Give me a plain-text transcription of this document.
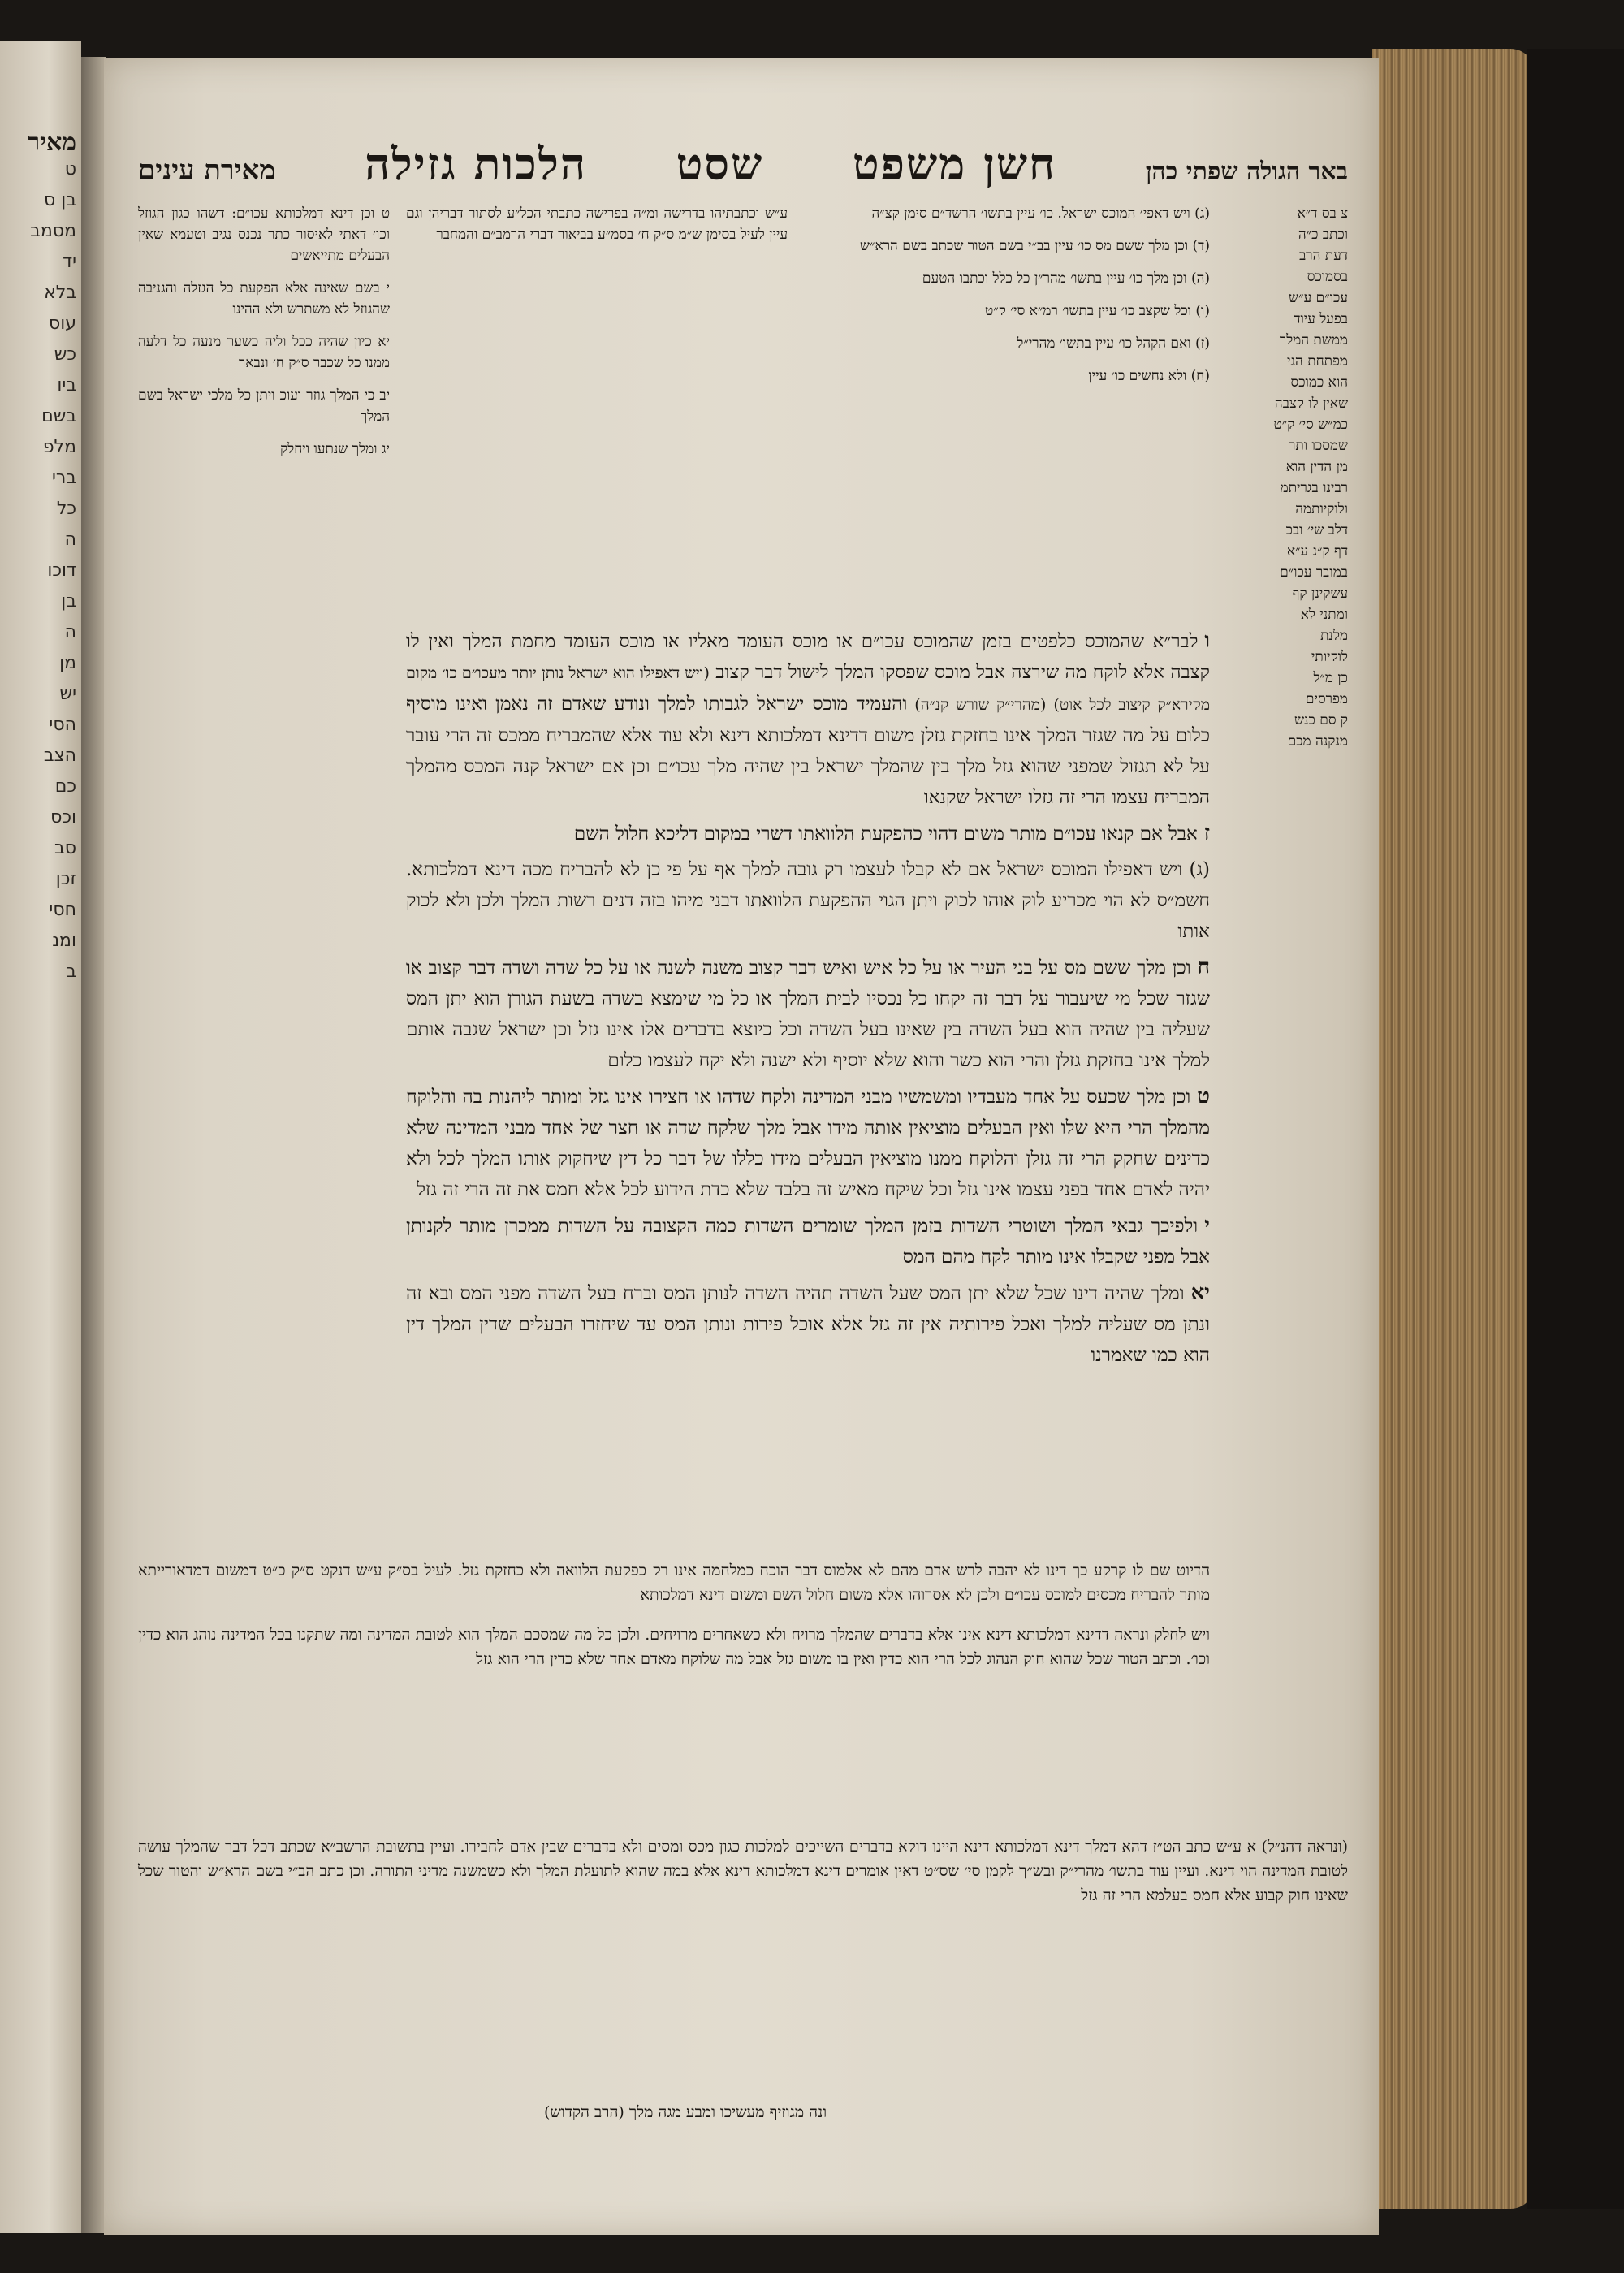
מאיר
ט
בן ס
מסמב
יד
בלא
עוס
כש
ביו
בשם
מלפ
ברי
כל
ה
דוכו
בן
ה
מן
יש
הסי
הצב
כם
וכס
סב
זכן
חסי
ומנ
ב
באר הגולה שפתי כהן
חשן משפט
שסט
הלכות גזילה
מאירת עינים
צ בס ד״א
וכתב כ״ה
דעת הרב
בסמוכס
עכו״ם ע״ש
בפעל עיוד
ממשת המלך
מפתחת הגי
הוא כמוכס
שאין לו קצבה
כמ״ש סי׳ ק״ט
שמסכו ותר
מן הדין הוא
רבינו בגריתמ
ולוקיותמה
דלב שי׳ ובכ
דף ק״נ ע״א
במובר עכו״ם
עשקינן קף
ומתני לא
מלנת
לוקיותי
כן מ״ל
מפרסים
ק סם כנש
מנקנה מכם
(ג) ויש דאפי׳ המוכס ישראל. כו׳ עיין בתשו׳ הרשד״ם סימן קצ״ה
(ד) וכן מלך ששם מס כו׳ עיין בב״י בשם הטור שכתב בשם הרא״ש
(ה) וכן מלך כו׳ עיין בתשו׳ מהר״ן כל כלל וכתבו הטעם
(ו) וכל שקצב כו׳ עיין בתשו׳ רמ״א סי׳ ק״ט
(ז) ואם הקהל כו׳ עיין בתשו׳ מהרי״ל
(ח) ולא נחשים כו׳ עיין
ע״ש וכתבתיהו בדרישה ומ״ה בפרישה כתבתי הכל״ע לסתור דבריהן וגם עיין לעיל בסימן ש״מ ס״ק ח׳ בסמ״ע בביאור דברי הרמב״ם והמחבר
ט וכן דינא דמלכותא עכו״ם: דשהו כגון הגוזל וכו׳ דאתי לאיסור כתר נכנס נגיב וטעמא שאין הבעלים מתייאשים
י בשם שאינה אלא הפקעת כל הגזלה והגניבה שהגוזל לא משתרש ולא ההינו
יא כיון שהיה ככל וליה כשער מנעה כל דלעה ממנו כל שכבר ס״ק ח׳ ונבאר
יב כי המלך גוזר ועוכ ויתן כל מלכי ישראל בשם המלך
יג ומלך שנתעו ויחלק

ולבר״א שהמוכס כלפטים בזמן שהמוכס עכו״ם או מוכס העומד מאליו או מוכס העומד מחמת המלך ואין לו קצבה אלא לוקח מה שירצה אבל מוכס שפסקו המלך לישול דבר קצוב (ויש דאפילו הוא ישראל נותן יותר מעכו״ם כו׳ מקום מקירא״ק קיצוב לכל אוט) (מהרי״ק שורש קנ״ה) והעמיד מוכס ישראל לגבותו למלך ונודע שאדם זה נאמן ואינו מוסיף כלום על מה שגזר המלך אינו בחזקת גזלן משום דדינא דמלכותא דינא ולא עוד אלא שהמבריח ממכס זה הרי עובר על לא תגזול שמפני שהוא גזל מלך בין שהמלך ישראל בין שהיה מלך עכו״ם וכן אם ישראל קנה המכס מהמלך המבריח עצמו הרי זה גזלו ישראל שקנאו

זאבל אם קנאו עכו״ם מותר משום דהוי כהפקעת הלוואתו דשרי במקום דליכא חלול השם

(ג) ויש דאפילו המוכס ישראל אם לא קבלו לעצמו רק גובה למלך אף על פי כן לא להבריח מכה דינא דמלכותא. חשמ״ס לא הוי מכריע לוק אוהו לכוק ויתן הגוי ההפקעת הלוואתו דבני מיהו בזה דנים רשות המלך ולכן ולא לכוק אותו

חוכן מלך ששם מס על בני העיר או על כל איש ואיש דבר קצוב משנה לשנה או על כל שדה ושדה דבר קצוב או שגזר שכל מי שיעבור על דבר זה יקחו כל נכסיו לבית המלך או כל מי שימצא בשדה בשעת הגורן הוא יתן המס שעליה בין שהיה הוא בעל השדה בין שאינו בעל השדה וכל כיוצא בדברים אלו אינו גזל וכן ישראל שגבה אותם למלך אינו בחזקת גזלן והרי הוא כשר והוא שלא יוסיף ולא ישנה ולא יקח לעצמו כלום

טוכן מלך שכעס על אחד מעבדיו ומשמשיו מבני המדינה ולקח שדהו או חצירו אינו גזל ומותר ליהנות בה והלוקח מהמלך הרי היא שלו ואין הבעלים מוציאין אותה מידו אבל מלך שלקח שדה או חצר של אחד מבני המדינה שלא כדינים שחקק הרי זה גזלן והלוקח ממנו מוציאין הבעלים מידו כללו של דבר כל דין שיחקוק אותו המלך לכל ולא יהיה לאדם אחד בפני עצמו אינו גזל וכל שיקח מאיש זה בלבד שלא כדת הידוע לכל אלא חמס את זה הרי זה גזל

יולפיכך גבאי המלך ושוטרי השדות בזמן המלך שומרים השדות כמה הקצובה על השדות ממכרן מותר לקנותן אבל מפני שקבלו אינו מותר לקח מהם המס

יאומלך שהיה דינו שכל שלא יתן המס שעל השדה תהיה השדה לנותן המס וברח בעל השדה מפני המס ובא זה ונתן מס שעליה למלך ואכל פירותיה אין זה גזל אלא אוכל פירות ונותן המס עד שיחזרו הבעלים שדין המלך דין הוא כמו שאמרנו

הדיוט שם לו קרקע כך דינו לא יהבה לרש אדם מהם לא אלמוס דבר הוכח כמלחמה אינו רק כפקעת הלוואה ולא כחזקת גזל. לעיל בס״ק ע״ש דנקט ס״ק כ״ט דמשום דמדאורייתא מותר להבריח מכסים למוכס עכו״ם ולכן לא אסרוהו אלא משום חלול השם ומשום דינא דמלכותא

ויש לחלק ונראה דדינא דמלכותא דינא אינו אלא בדברים שהמלך מרויח ולא כשאחרים מרויחים. ולכן כל מה שמסכם המלך הוא לטובת המדינה ומה שתקנו בכל המדינה נוהג הוא כדין וכו׳. וכתב הטור שכל שהוא חוק הנהוג לכל הרי הוא כדין ואין בו משום גזל אבל מה שלוקח מאדם אחד שלא כדין הרי הוא גזל

(ונראה דהנ״ל) א ע״ש כתב הט״ז דהא דמלך דינא דמלכותא דינא היינו דוקא בדברים השייכים למלכות כגון מכס ומסים ולא בדברים שבין אדם לחבירו. ועיין בתשובת הרשב״א שכתב דכל דבר שהמלך עושה לטובת המדינה הוי דינא. ועיין עוד בתשו׳ מהרי״ק ובש״ך לקמן סי׳ שס״ט דאין אומרים דינא דמלכותא דינא אלא במה שהוא לתועלת המלך ולא כשמשנה מדיני התורה. וכן כתב הב״י בשם הרא״ש והטור שכל שאינו חוק קבוע אלא חמס בעלמא הרי זה גזל

ונה מגוזיף מעשיכו ומבע מגה מלך (הרב הקדוש)
